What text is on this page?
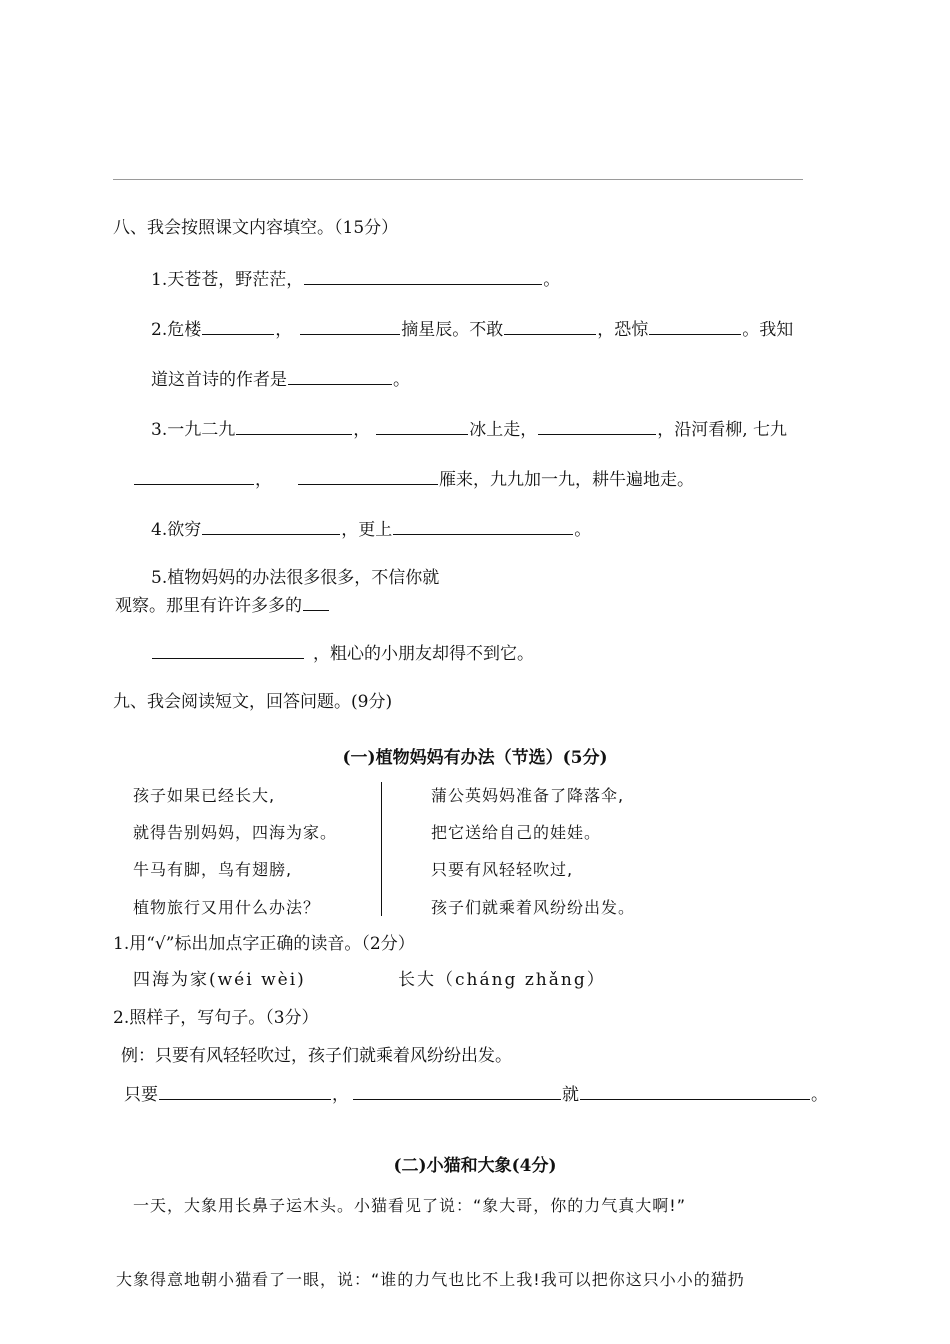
八、我会按照课文内容填空。（15分）
1.天苍苍，野茫茫，	。
2.危楼	，	摘星辰。不敢	，恐惊	。我知
道这首诗的作者是	。
3.一九二九	，	冰上走，	，沿河看柳, 七九
，	雁来，九九加一九，耕牛遍地走。
4.欲穷	，更上	。
5.植物妈妈的办法很多很多，不信你就
观察。那里有许许多多的
，粗心的小朋友却得不到它。
九、我会阅读短文，回答问题。(9分)
(一)植物妈妈有办法（节选）(5分)
孩子如果已经长大,
就得告别妈妈，四海为家。
牛马有脚，鸟有翅膀,
植物旅行又用什么办法？
蒲公英妈妈准备了降落伞,
把它送给自己的娃娃。
只要有风轻轻吹过,
孩子们就乘着风纷纷出发。
1.用“√”标出加点字正确的读音。（2分）
四海为家(wéi wèi)	长大（cháng zhǎng）
2.照样子，写句子。（3分）
例：只要有风轻轻吹过，孩子们就乘着风纷纷出发。
只要	，	就	。
(二)小猫和大象(4分)
一天，大象用长鼻子运木头。小猫看见了说：“象大哥，你的力气真大啊!”
大象得意地朝小猫看了一眼，说：“谁的力气也比不上我!我可以把你这只小小的猫扔
